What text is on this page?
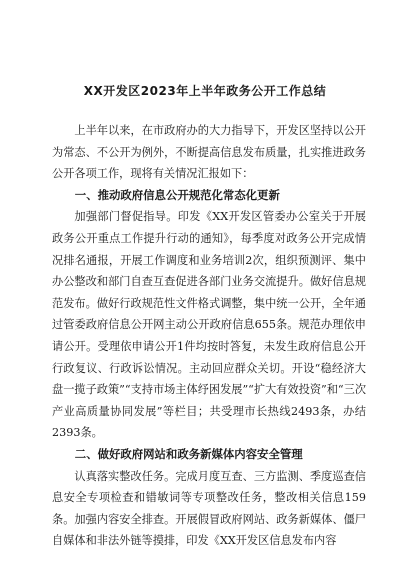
XX开发区2023年上半年政务公开工作总结

上半年以来，在市政府办的大力指导下，开发区坚持以公开为常态、不公开为例外，不断提高信息发布质量，扎实推进政务公开各项工作，现将有关情况汇报如下：

一、推动政府信息公开规范化常态化更新

加强部门督促指导。印发《XX开发区管委办公室关于开展政务公开重点工作提升行动的通知》，每季度对政务公开完成情况排名通报，开展工作调度和业务培训2次，组织预测评、集中办公整改和部门自查互查促进各部门业务交流提升。做好信息规范发布。做好行政规范性文件格式调整，集中统一公开，全年通过管委政府信息公开网主动公开政府信息655条。规范办理依申请公开。受理依申请公开1件均按时答复，未发生政府信息公开行政复议、行政诉讼情况。主动回应群众关切。开设“稳经济大盘一揽子政策”“支持市场主体纾困发展”“扩大有效投资”和“三次产业高质量协同发展”等栏目；共受理市长热线2493条，办结2393条。

二、做好政府网站和政务新媒体内容安全管理

认真落实整改任务。完成月度互查、三方监测、季度巡查信息安全专项检查和错敏词等专项整改任务，整改相关信息159条。加强内容安全排查。开展假冒政府网站、政务新媒体、僵尸自媒体和非法外链等摸排，印发《XX开发区信息发布内容
